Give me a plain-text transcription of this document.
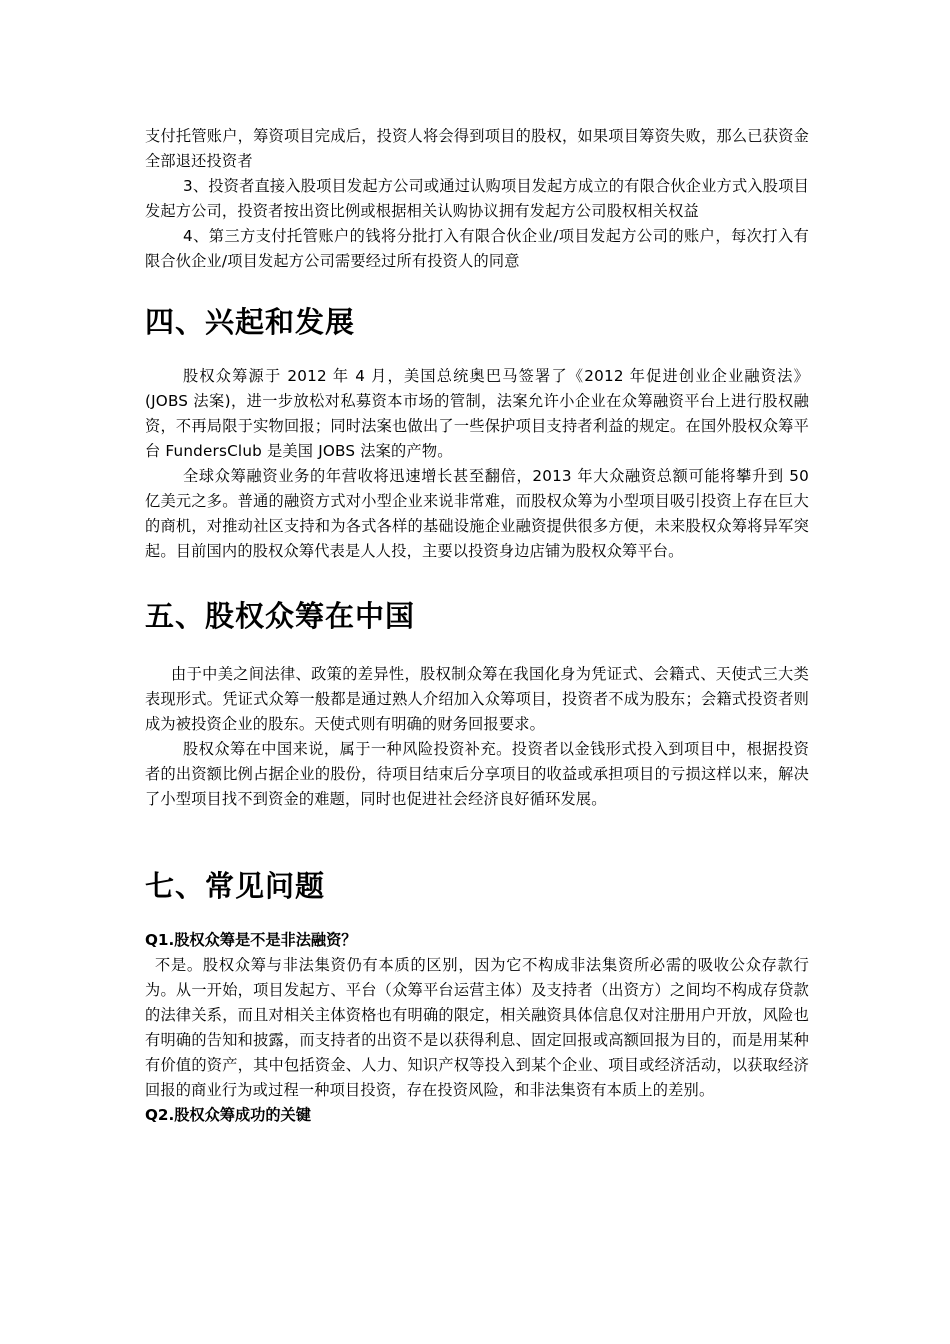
支付托管账户，筹资项目完成后，投资人将会得到项目的股权，如果项目筹资失败，那么已获资金全部退还投资者

3、投资者直接入股项目发起方公司或通过认购项目发起方成立的有限合伙企业方式入股项目发起方公司，投资者按出资比例或根据相关认购协议拥有发起方公司股权相关权益

4、第三方支付托管账户的钱将分批打入有限合伙企业/项目发起方公司的账户，每次打入有限合伙企业/项目发起方公司需要经过所有投资人的同意

四、兴起和发展

股权众筹源于 2012 年 4 月，美国总统奥巴马签署了《2012 年促进创业企业融资法》(JOBS 法案)，进一步放松对私募资本市场的管制，法案允许小企业在众筹融资平台上进行股权融资，不再局限于实物回报；同时法案也做出了一些保护项目支持者利益的规定。在国外股权众筹平台 FundersClub 是美国 JOBS 法案的产物。

全球众筹融资业务的年营收将迅速增长甚至翻倍，2013 年大众融资总额可能将攀升到 50 亿美元之多。普通的融资方式对小型企业来说非常难，而股权众筹为小型项目吸引投资上存在巨大的商机，对推动社区支持和为各式各样的基础设施企业融资提供很多方便，未来股权众筹将异军突起。目前国内的股权众筹代表是人人投，主要以投资身边店铺为股权众筹平台。

五、股权众筹在中国

由于中美之间法律、政策的差异性，股权制众筹在我国化身为凭证式、会籍式、天使式三大类表现形式。凭证式众筹一般都是通过熟人介绍加入众筹项目，投资者不成为股东；会籍式投资者则成为被投资企业的股东。天使式则有明确的财务回报要求。

股权众筹在中国来说，属于一种风险投资补充。投资者以金钱形式投入到项目中，根据投资者的出资额比例占据企业的股份，待项目结束后分享项目的收益或承担项目的亏损这样以来，解决了小型项目找不到资金的难题，同时也促进社会经济良好循环发展。

七、常见问题
Q1.股权众筹是不是非法融资？

不是。股权众筹与非法集资仍有本质的区别，因为它不构成非法集资所必需的吸收公众存款行为。从一开始，项目发起方、平台（众筹平台运营主体）及支持者（出资方）之间均不构成存贷款的法律关系，而且对相关主体资格也有明确的限定，相关融资具体信息仅对注册用户开放，风险也有明确的告知和披露，而支持者的出资不是以获得利息、固定回报或高额回报为目的，而是用某种有价值的资产，其中包括资金、人力、知识产权等投入到某个企业、项目或经济活动，以获取经济回报的商业行为或过程一种项目投资，存在投资风险，和非法集资有本质上的差别。

Q2.股权众筹成功的关键
